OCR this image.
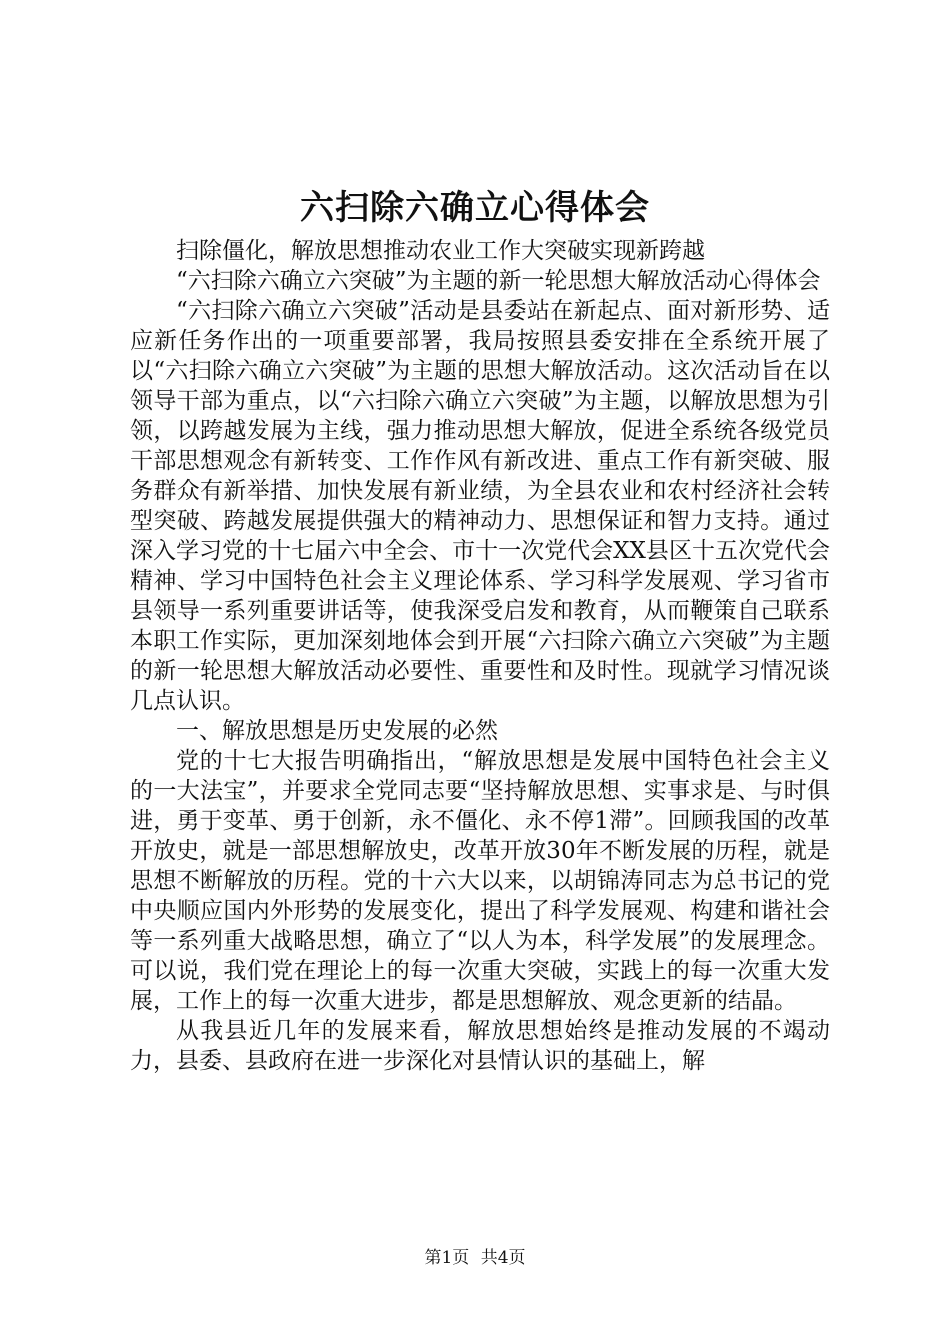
六扫除六确立心得体会

扫除僵化，解放思想推动农业工作大突破实现新跨越

“六扫除六确立六突破”为主题的新一轮思想大解放活动心得体会

“六扫除六确立六突破”活动是县委站在新起点、面对新形势、适应新任务作出的一项重要部署，我局按照县委安排在全系统开展了以“六扫除六确立六突破”为主题的思想大解放活动。这次活动旨在以领导干部为重点，以“六扫除六确立六突破”为主题，以解放思想为引领，以跨越发展为主线，强力推动思想大解放，促进全系统各级党员干部思想观念有新转变、工作作风有新改进、重点工作有新突破、服务群众有新举措、加快发展有新业绩，为全县农业和农村经济社会转型突破、跨越发展提供强大的精神动力、思想保证和智力支持。通过深入学习党的十七届六中全会、市十一次党代会XX县区十五次党代会精神、学习中国特色社会主义理论体系、学习科学发展观、学习省市县领导一系列重要讲话等，使我深受启发和教育，从而鞭策自己联系本职工作实际，更加深刻地体会到开展“六扫除六确立六突破”为主题的新一轮思想大解放活动必要性、重要性和及时性。现就学习情况谈几点认识。

一、解放思想是历史发展的必然

党的十七大报告明确指出，“解放思想是发展中国特色社会主义的一大法宝”，并要求全党同志要“坚持解放思想、实事求是、与时俱进，勇于变革、勇于创新，永不僵化、永不停1滞”。回顾我国的改革开放史，就是一部思想解放史，改革开放30年不断发展的历程，就是思想不断解放的历程。党的十六大以来，以胡锦涛同志为总书记的党中央顺应国内外形势的发展变化，提出了科学发展观、构建和谐社会等一系列重大战略思想，确立了“以人为本，科学发展”的发展理念。可以说，我们党在理论上的每一次重大突破，实践上的每一次重大发展，工作上的每一次重大进步，都是思想解放、观念更新的结晶。

从我县近几年的发展来看，解放思想始终是推动发展的不竭动力，县委、县政府在进一步深化对县情认识的基础上，解

第1页 共4页
